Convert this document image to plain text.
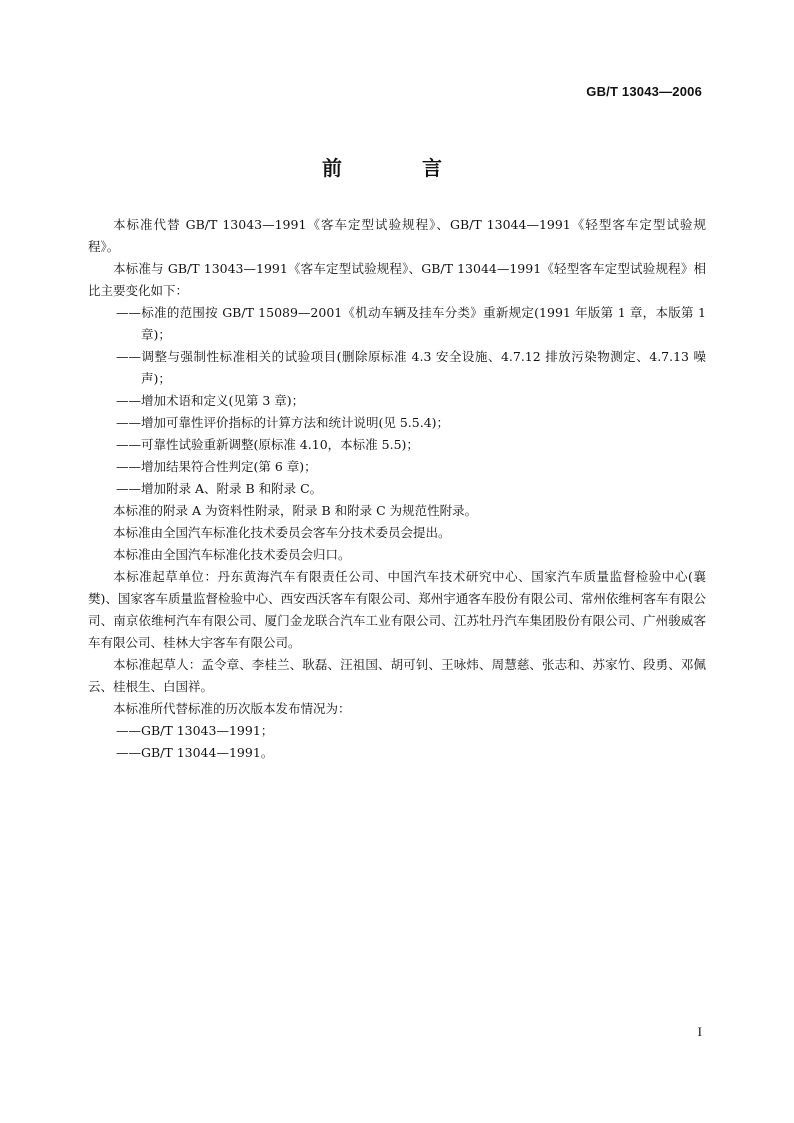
GB/T 13043—2006
前　言

本标准代替 GB/T 13043—1991《客车定型试验规程》、GB/T 13044—1991《轻型客车定型试验规程》。

本标准与 GB/T 13043—1991《客车定型试验规程》、GB/T 13044—1991《轻型客车定型试验规程》相比主要变化如下：

——标准的范围按 GB/T 15089—2001《机动车辆及挂车分类》重新规定(1991 年版第 1 章，本版第 1 章)；

——调整与强制性标准相关的试验项目(删除原标准 4.3 安全设施、4.7.12 排放污染物测定、4.7.13 噪声)；

——增加术语和定义(见第 3 章)；

——增加可靠性评价指标的计算方法和统计说明(见 5.5.4)；

——可靠性试验重新调整(原标准 4.10，本标准 5.5)；

——增加结果符合性判定(第 6 章)；

——增加附录 A、附录 B 和附录 C。

本标准的附录 A 为资料性附录，附录 B 和附录 C 为规范性附录。

本标准由全国汽车标准化技术委员会客车分技术委员会提出。

本标准由全国汽车标准化技术委员会归口。

本标准起草单位：丹东黄海汽车有限责任公司、中国汽车技术研究中心、国家汽车质量监督检验中心(襄樊)、国家客车质量监督检验中心、西安西沃客车有限公司、郑州宇通客车股份有限公司、常州依维柯客车有限公司、南京依维柯汽车有限公司、厦门金龙联合汽车工业有限公司、江苏牡丹汽车集团股份有限公司、广州骏威客车有限公司、桂林大宇客车有限公司。

本标准起草人：孟令章、李桂兰、耿磊、汪祖国、胡可钊、王咏炜、周慧慈、张志和、苏家竹、段勇、邓佩云、桂根生、白国祥。

本标准所代替标准的历次版本发布情况为：

——GB/T 13043—1991；

——GB/T 13044—1991。

I
